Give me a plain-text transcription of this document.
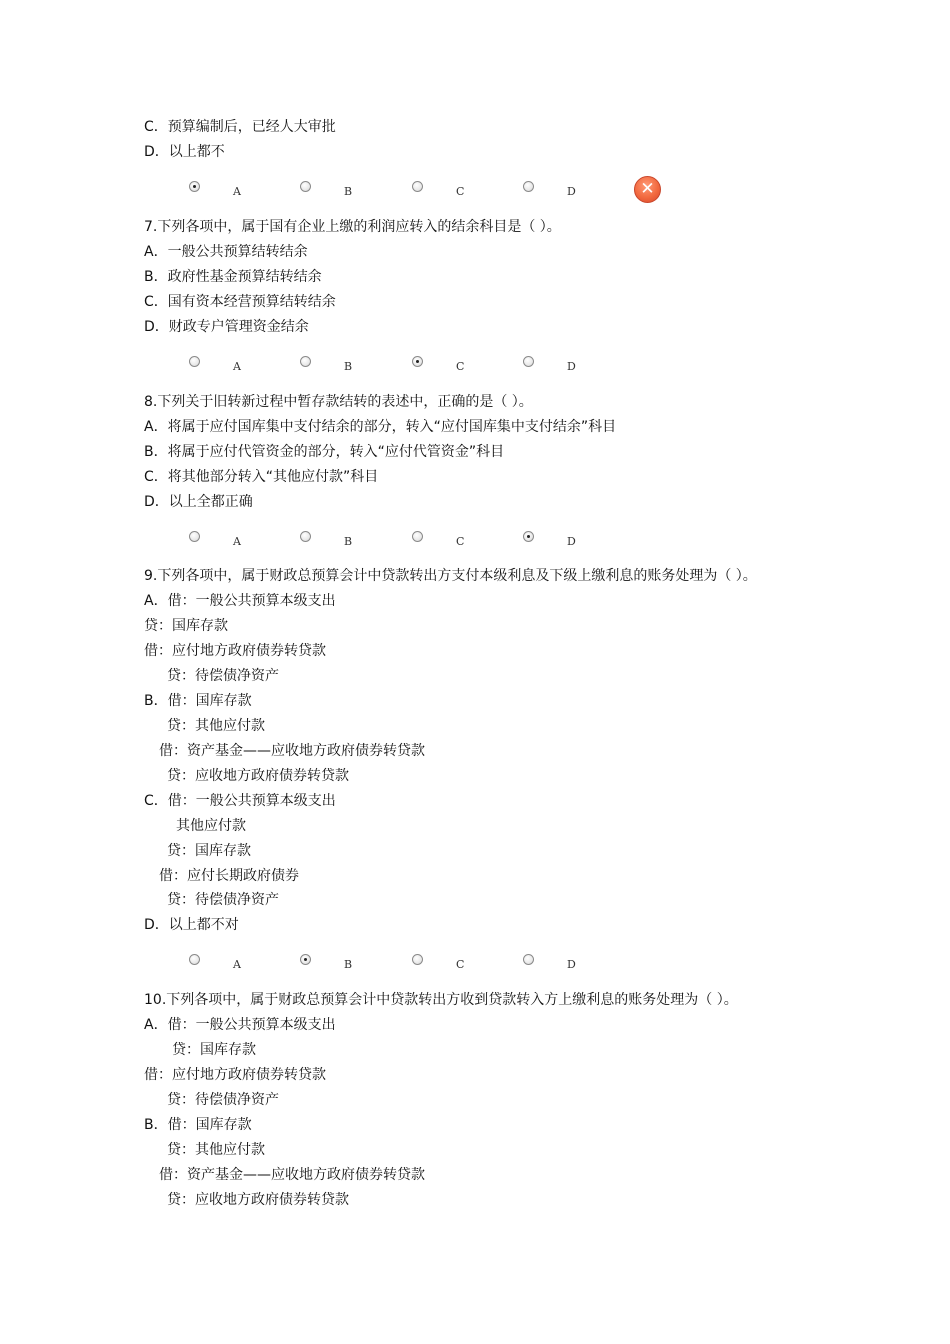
C．预算编制后，已经人大审批
D．以上都不
A	B	C	D	✕
7.下列各项中，属于国有企业上缴的利润应转入的结余科目是（ ）。
A．一般公共预算结转结余
B．政府性基金预算结转结余
C．国有资本经营预算结转结余
D．财政专户管理资金结余
A	B	C	D
8.下列关于旧转新过程中暂存款结转的表述中，正确的是（ ）。
A．将属于应付国库集中支付结余的部分，转入“应付国库集中支付结余”科目
B．将属于应付代管资金的部分，转入“应付代管资金”科目
C．将其他部分转入“其他应付款”科目
D．以上全都正确
A	B	C	D
9.下列各项中，属于财政总预算会计中贷款转出方支付本级利息及下级上缴利息的账务处理为（ ）。
A．借：一般公共预算本级支出
贷：国库存款
借：应付地方政府债券转贷款
贷：待偿债净资产
B．借：国库存款
贷：其他应付款
借：资产基金——应收地方政府债券转贷款
贷：应收地方政府债券转贷款
C．借：一般公共预算本级支出
其他应付款
贷：国库存款
借：应付长期政府债券
贷：待偿债净资产
D．以上都不对
A	B	C	D
10.下列各项中，属于财政总预算会计中贷款转出方收到贷款转入方上缴利息的账务处理为（ ）。
A．借：一般公共预算本级支出
贷：国库存款
借：应付地方政府债券转贷款
贷：待偿债净资产
B．借：国库存款
贷：其他应付款
借：资产基金——应收地方政府债券转贷款
贷：应收地方政府债券转贷款
